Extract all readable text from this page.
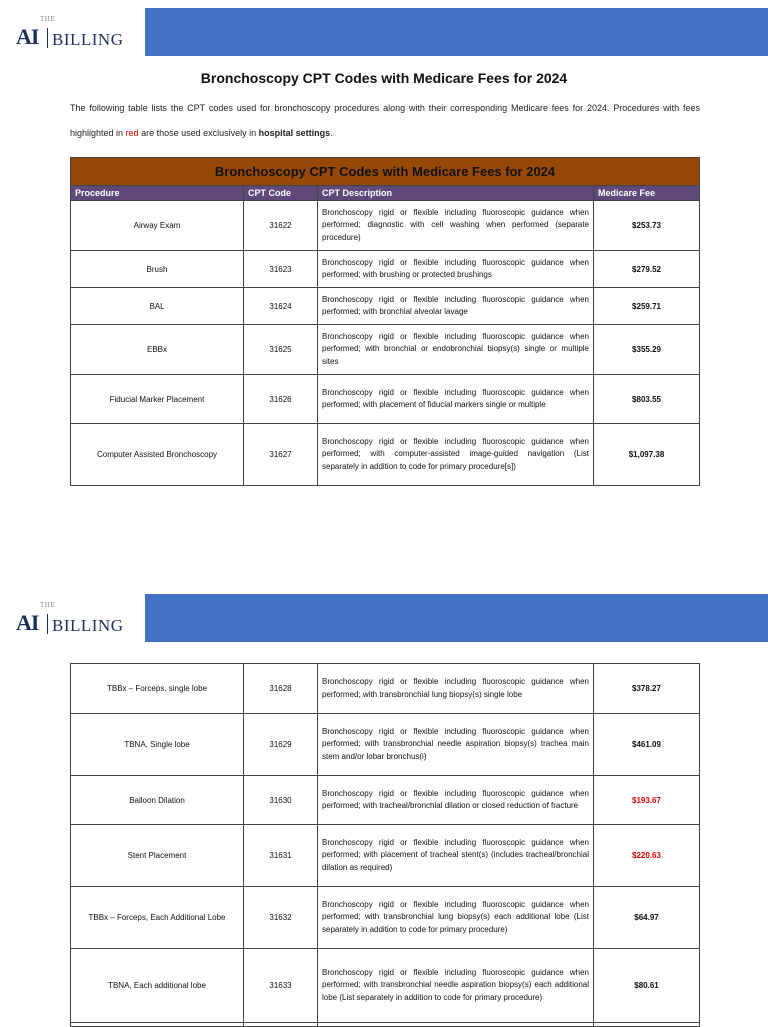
THE
AI BILLING
Bronchoscopy CPT Codes with Medicare Fees for 2024

The following table lists the CPT codes used for bronchoscopy procedures along with their corresponding Medicare fees for 2024. Procedures with fees highlighted in red are those used exclusively in hospital settings.

Bronchoscopy CPT Codes with Medicare Fees for 2024			
Procedure	CPT Code	CPT Description	Medicare Fee
Airway Exam	31622	Bronchoscopy rigid or flexible including fluoroscopic guidance when performed; diagnostic with cell washing when performed (separate procedure)	$253.73
Brush	31623	Bronchoscopy rigid or flexible including fluoroscopic guidance when performed; with brushing or protected brushings	$279.52
BAL	31624	Bronchoscopy rigid or flexible including fluoroscopic guidance when performed; with bronchial alveolar lavage	$259.71
EBBx	31625	Bronchoscopy rigid or flexible including fluoroscopic guidance when performed; with bronchial or endobronchial biopsy(s) single or multiple sites	$355.29
Fiducial Marker Placement	31626	Bronchoscopy rigid or flexible including fluoroscopic guidance when performed; with placement of fiducial markers single or multiple	$803.55
Computer Assisted Bronchoscopy	31627	Bronchoscopy rigid or flexible including fluoroscopic guidance when performed; with computer-assisted image-guided navigation (List separately in addition to code for primary procedure[s])	$1,097.38
THE
AI BILLING
TBBx – Forceps, single lobe	31628	Bronchoscopy rigid or flexible including fluoroscopic guidance when performed; with transbronchial lung biopsy(s) single lobe	$378.27
TBNA, Single lobe	31629	Bronchoscopy rigid or flexible including fluoroscopic guidance when performed; with transbronchial needle aspiration biopsy(s) trachea main stem and/or lobar bronchus(i)	$461.09
Balloon Dilation	31630	Bronchoscopy rigid or flexible including fluoroscopic guidance when performed; with tracheal/bronchial dilation or closed reduction of fracture	$193.67
Stent Placement	31631	Bronchoscopy rigid or flexible including fluoroscopic guidance when performed; with placement of tracheal stent(s) (includes tracheal/bronchial dilation as required)	$220.63
TBBx – Forceps, Each Additional Lobe	31632	Bronchoscopy rigid or flexible including fluoroscopic guidance when performed; with transbronchial lung biopsy(s) each additional lobe (List separately in addition to code for primary procedure)	$64.97
TBNA, Each additional lobe	31633	Bronchoscopy rigid or flexible including fluoroscopic guidance when performed; with transbronchial needle aspiration biopsy(s) each additional lobe (List separately in addition to code for primary procedure)	$80.61
